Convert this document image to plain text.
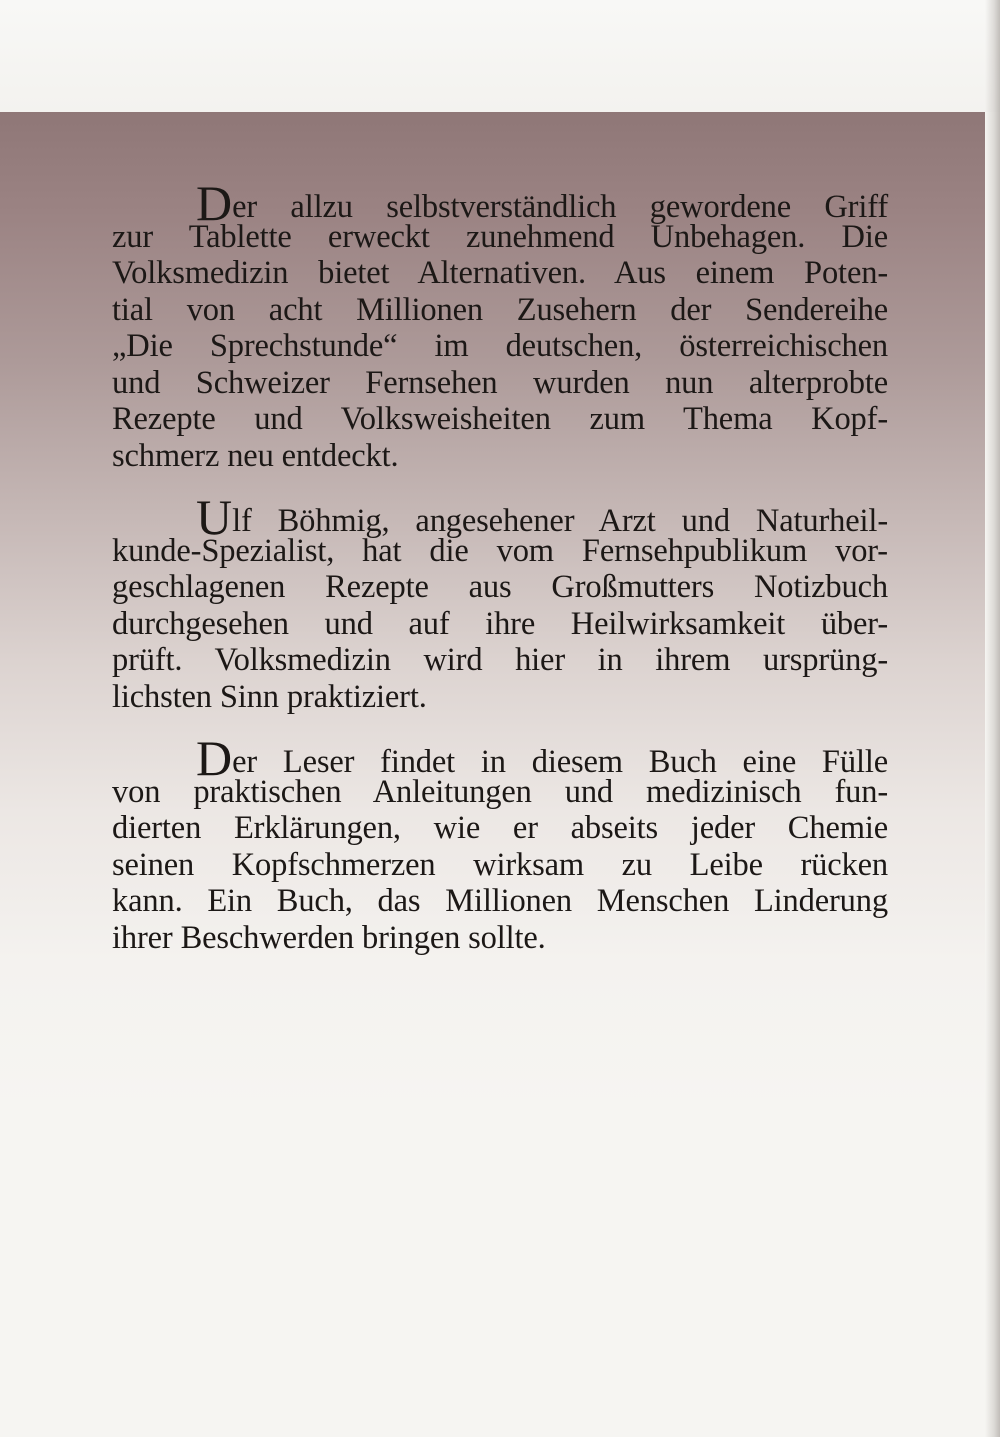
Der allzu selbstverständlich gewordene Griff
zur Tablette erweckt zunehmend Unbehagen. Die
Volksmedizin bietet Alternativen. Aus einem Poten-
tial von acht Millionen Zusehern der Sendereihe
„Die Sprechstunde“ im deutschen, österreichischen
und Schweizer Fernsehen wurden nun alterprobte
Rezepte und Volksweisheiten zum Thema Kopf-
schmerz neu entdeckt.

Ulf Böhmig, angesehener Arzt und Naturheil-
kunde-Spezialist, hat die vom Fernsehpublikum vor-
geschlagenen Rezepte aus Großmutters Notizbuch
durchgesehen und auf ihre Heilwirksamkeit über-
prüft. Volksmedizin wird hier in ihrem ursprüng-
lichsten Sinn praktiziert.

Der Leser findet in diesem Buch eine Fülle
von praktischen Anleitungen und medizinisch fun-
dierten Erklärungen, wie er abseits jeder Chemie
seinen Kopfschmerzen wirksam zu Leibe rücken
kann. Ein Buch, das Millionen Menschen Linderung
ihrer Beschwerden bringen sollte.
